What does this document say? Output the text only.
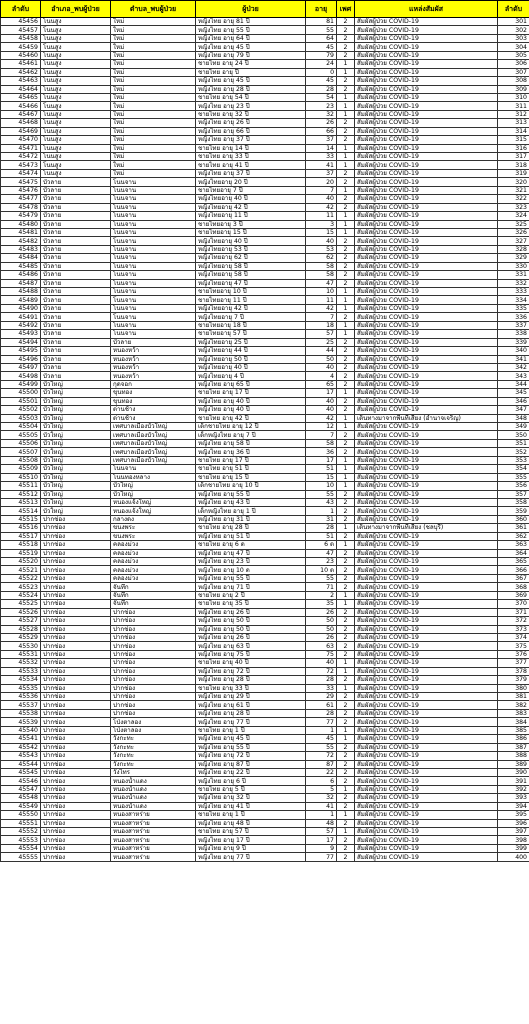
ลำดับ	อำเภอ_พบผู้ป่วย	ตำบล_พบผู้ป่วย	ผู้ป่วย	อายุ	เพศ	แหล่งสัมผัส	ลำดับ
45456	โนนสูง	ใหม่	หญิงไทย อายุ 81 ปี	81	2	สัมผัสผู้ป่วย COVID-19	301
45457	โนนสูง	ใหม่	หญิงไทย อายุ 55 ปี	55	2	สัมผัสผู้ป่วย COVID-19	302
45458	โนนสูง	ใหม่	หญิงไทย อายุ 64 ปี	64	2	สัมผัสผู้ป่วย COVID-19	303
45459	โนนสูง	ใหม่	หญิงไทย อายุ 45 ปี	45	2	สัมผัสผู้ป่วย COVID-19	304
45460	โนนสูง	ใหม่	หญิงไทย อายุ 79 ปี	79	2	สัมผัสผู้ป่วย COVID-19	305
45461	โนนสูง	ใหม่	ชายไทย อายุ 24 ปี	24	1	สัมผัสผู้ป่วย COVID-19	306
45462	โนนสูง	ใหม่	ชายไทย อายุ ปี	0	1	สัมผัสผู้ป่วย COVID-19	307
45463	โนนสูง	ใหม่	หญิงไทย อายุ 45 ปี	45	2	สัมผัสผู้ป่วย COVID-19	308
45464	โนนสูง	ใหม่	หญิงไทย อายุ 28 ปี	28	2	สัมผัสผู้ป่วย COVID-19	309
45465	โนนสูง	ใหม่	ชายไทย อายุ 54 ปี	54	1	สัมผัสผู้ป่วย COVID-19	310
45466	โนนสูง	ใหม่	หญิงไทย อายุ 23 ปี	23	1	สัมผัสผู้ป่วย COVID-19	311
45467	โนนสูง	ใหม่	ชายไทย อายุ 32 ปี	32	1	สัมผัสผู้ป่วย COVID-19	312
45468	โนนสูง	ใหม่	หญิงไทย อายุ 26 ปี	26	2	สัมผัสผู้ป่วย COVID-19	313
45469	โนนสูง	ใหม่	หญิงไทย อายุ 66 ปี	66	2	สัมผัสผู้ป่วย COVID-19	314
45470	โนนสูง	ใหม่	หญิงไทย อายุ 37 ปี	37	2	สัมผัสผู้ป่วย COVID-19	315
45471	โนนสูง	ใหม่	ชายไทย อายุ 14 ปี	14	1	สัมผัสผู้ป่วย COVID-19	316
45472	โนนสูง	ใหม่	ชายไทย อายุ 33 ปี	33	1	สัมผัสผู้ป่วย COVID-19	317
45473	โนนสูง	ใหม่	ชายไทย อายุ 41 ปี	41	1	สัมผัสผู้ป่วย COVID-19	318
45474	โนนสูง	ใหม่	หญิงไทย อายุ 37 ปี	37	2	สัมผัสผู้ป่วย COVID-19	319
45475	บัวลาย	โนนจาน	หญิงไทยอายุ 20 ปี	20	2	สัมผัสผู้ป่วย COVID-19	320
45476	บัวลาย	โนนจาน	ชายไทยอายุ 7 ปี	7	1	สัมผัสผู้ป่วย COVID-19	321
45477	บัวลาย	โนนจาน	หญิงไทยอายุ 40 ปี	40	2	สัมผัสผู้ป่วย COVID-19	322
45478	บัวลาย	โนนจาน	หญิงไทยอายุ 42 ปี	42	2	สัมผัสผู้ป่วย COVID-19	323
45479	บัวลาย	โนนจาน	หญิงไทยอายุ 11 ปี	11	1	สัมผัสผู้ป่วย COVID-19	324
45480	บัวลาย	โนนจาน	ชายไทยอายุ 3 ปี	3	1	สัมผัสผู้ป่วย COVID-19	325
45481	บัวลาย	โนนจาน	ชายไทยอายุ 15 ปี	15	1	สัมผัสผู้ป่วย COVID-19	326
45482	บัวลาย	โนนจาน	หญิงไทยอายุ 40 ปี	40	2	สัมผัสผู้ป่วย COVID-19	327
45483	บัวลาย	โนนจาน	หญิงไทยอายุ 53 ปี	53	2	สัมผัสผู้ป่วย COVID-19	328
45484	บัวลาย	โนนจาน	หญิงไทยอายุ 62 ปี	62	2	สัมผัสผู้ป่วย COVID-19	329
45485	บัวลาย	โนนจาน	หญิงไทยอายุ 58 ปี	58	2	สัมผัสผู้ป่วย COVID-19	330
45486	บัวลาย	โนนจาน	หญิงไทยอายุ 58 ปี	58	2	สัมผัสผู้ป่วย COVID-19	331
45487	บัวลาย	โนนจาน	หญิงไทยอายุ 47 ปี	47	2	สัมผัสผู้ป่วย COVID-19	332
45488	บัวลาย	โนนจาน	ชายไทยอายุ 10 ปี	10	1	สัมผัสผู้ป่วย COVID-19	333
45489	บัวลาย	โนนจาน	ชายไทยอายุ 11 ปี	11	1	สัมผัสผู้ป่วย COVID-19	334
45490	บัวลาย	โนนจาน	หญิงไทยอายุ 42 ปี	42	1	สัมผัสผู้ป่วย COVID-19	335
45491	บัวลาย	โนนจาน	หญิงไทยอายุ 7 ปี	7	2	สัมผัสผู้ป่วย COVID-19	336
45492	บัวลาย	โนนจาน	ชายไทยอายุ 18 ปี	18	1	สัมผัสผู้ป่วย COVID-19	337
45493	บัวลาย	โนนจาน	ชายไทยอายุ 57 ปี	57	1	สัมผัสผู้ป่วย COVID-19	338
45494	บัวลาย	บัวลาย	หญิงไทยอายุ 25 ปี	25	2	สัมผัสผู้ป่วย COVID-19	339
45495	บัวลาย	หนองหว้า	หญิงไทยอายุ 44 ปี	44	2	สัมผัสผู้ป่วย COVID-19	340
45496	บัวลาย	หนองหว้า	หญิงไทยอายุ 50 ปี	50	2	สัมผัสผู้ป่วย COVID-19	341
45497	บัวลาย	หนองหว้า	หญิงไทยอายุ 40 ปี	40	2	สัมผัสผู้ป่วย COVID-19	342
45498	บัวลาย	หนองหว้า	หญิงไทยอายุ 4 ปี	4	2	สัมผัสผู้ป่วย COVID-19	343
45499	บัวใหญ่	กุดจอก	หญิงไทย อายุ 65 ปี	65	2	สัมผัสผู้ป่วย COVID-19	344
45500	บัวใหญ่	ขุนทอง	ชายไทย อายุ 17 ปี	17	1	สัมผัสผู้ป่วย COVID-19	345
45501	บัวใหญ่	ขุนทอง	หญิงไทย อายุ 40 ปี	40	2	สัมผัสผู้ป่วย COVID-19	346
45502	บัวใหญ่	ด่านช้าง	หญิงไทย อายุ 40 ปี	40	2	สัมผัสผู้ป่วย COVID-19	347
45503	บัวใหญ่	ด่านช้าง	ชายไทย อายุ 42 ปี	42	1	เดินทางมาจากพื้นที่เสี่ยง (อำนาจเจริญ)	348
45504	บัวใหญ่	เทศบาลเมืองบัวใหญ่	เด็กชายไทย อายุ 12 ปี	12	1	สัมผัสผู้ป่วย COVID-19	349
45505	บัวใหญ่	เทศบาลเมืองบัวใหญ่	เด็กหญิงไทย อายุ 7 ปี	7	2	สัมผัสผู้ป่วย COVID-19	350
45506	บัวใหญ่	เทศบาลเมืองบัวใหญ่	หญิงไทย อายุ 58 ปี	58	2	สัมผัสผู้ป่วย COVID-19	351
45507	บัวใหญ่	เทศบาลเมืองบัวใหญ่	หญิงไทย อายุ 36 ปี	36	2	สัมผัสผู้ป่วย COVID-19	352
45508	บัวใหญ่	เทศบาลเมืองบัวใหญ่	ชายไทย อายุ 17 ปี	17	1	สัมผัสผู้ป่วย COVID-19	353
45509	บัวใหญ่	โนนจาน	ชายไทย อายุ 51 ปี	51	1	สัมผัสผู้ป่วย COVID-19	354
45510	บัวใหญ่	โนนทองหลาง	ชายไทย อายุ 15 ปี	15	1	สัมผัสผู้ป่วย COVID-19	355
45511	บัวใหญ่	บัวใหญ่	เด็กชายไทย อายุ 10 ปี	10	1	สัมผัสผู้ป่วย COVID-19	356
45512	บัวใหญ่	บัวใหญ่	หญิงไทย อายุ 55 ปี	55	2	สัมผัสผู้ป่วย COVID-19	357
45513	บัวใหญ่	หนองแจ้งใหญ่	หญิงไทย อายุ 43 ปี	43	2	สัมผัสผู้ป่วย COVID-19	358
45514	บัวใหญ่	หนองแจ้งใหญ่	เด็กหญิงไทย อายุ 1 ปี	1	2	สัมผัสผู้ป่วย COVID-19	359
45515	ปากช่อง	กลางดง	หญิงไทย อายุ 31 ปี	31	2	สัมผัสผู้ป่วย COVID-19	360
45516	ปากช่อง	ขนงพระ	ชายไทย อายุ 28 ปี	28	1	เดินทางมาจากพื้นที่เสี่ยง (ชลบุรี)	361
45517	ปากช่อง	ขนงพระ	หญิงไทย อายุ 51 ปี	51	2	สัมผัสผู้ป่วย COVID-19	362
45518	ปากช่อง	คลองม่วง	ชายไทย อายุ 6 ด	6 ด	1	สัมผัสผู้ป่วย COVID-19	363
45519	ปากช่อง	คลองม่วง	หญิงไทย อายุ 47 ปี	47	2	สัมผัสผู้ป่วย COVID-19	364
45520	ปากช่อง	คลองม่วง	หญิงไทย อายุ 23 ปี	23	2	สัมผัสผู้ป่วย COVID-19	365
45521	ปากช่อง	คลองม่วง	หญิงไทย อายุ 10 ด	10 ด	2	สัมผัสผู้ป่วย COVID-19	366
45522	ปากช่อง	คลองม่วง	หญิงไทย อายุ 55 ปี	55	2	สัมผัสผู้ป่วย COVID-19	367
45523	ปากช่อง	จันทึก	หญิงไทย อายุ 71 ปี	71	2	สัมผัสผู้ป่วย COVID-19	368
45524	ปากช่อง	จันทึก	ชายไทย อายุ 2 ปี	2	1	สัมผัสผู้ป่วย COVID-19	369
45525	ปากช่อง	จันทึก	ชายไทย อายุ 35 ปี	35	1	สัมผัสผู้ป่วย COVID-19	370
45526	ปากช่อง	ปากช่อง	หญิงไทย อายุ 26 ปี	26	2	สัมผัสผู้ป่วย COVID-19	371
45527	ปากช่อง	ปากช่อง	หญิงไทย อายุ 50 ปี	50	2	สัมผัสผู้ป่วย COVID-19	372
45528	ปากช่อง	ปากช่อง	หญิงไทย อายุ 50 ปี	50	2	สัมผัสผู้ป่วย COVID-19	373
45529	ปากช่อง	ปากช่อง	หญิงไทย อายุ 26 ปี	26	2	สัมผัสผู้ป่วย COVID-19	374
45530	ปากช่อง	ปากช่อง	หญิงไทย อายุ 63 ปี	63	2	สัมผัสผู้ป่วย COVID-19	375
45531	ปากช่อง	ปากช่อง	หญิงไทย อายุ 75 ปี	75	2	สัมผัสผู้ป่วย COVID-19	376
45532	ปากช่อง	ปากช่อง	ชายไทย อายุ 40 ปี	40	1	สัมผัสผู้ป่วย COVID-19	377
45533	ปากช่อง	ปากช่อง	หญิงไทย อายุ 72 ปี	72	1	สัมผัสผู้ป่วย COVID-19	378
45534	ปากช่อง	ปากช่อง	หญิงไทย อายุ 28 ปี	28	2	สัมผัสผู้ป่วย COVID-19	379
45535	ปากช่อง	ปากช่อง	ชายไทย อายุ 33 ปี	33	1	สัมผัสผู้ป่วย COVID-19	380
45536	ปากช่อง	ปากช่อง	หญิงไทย อายุ 29 ปี	29	2	สัมผัสผู้ป่วย COVID-19	381
45537	ปากช่อง	ปากช่อง	หญิงไทย อายุ 61 ปี	61	2	สัมผัสผู้ป่วย COVID-19	382
45538	ปากช่อง	ปากช่อง	หญิงไทย อายุ 28 ปี	28	2	สัมผัสผู้ป่วย COVID-19	383
45539	ปากช่อง	โป่งตาลอง	หญิงไทย อายุ 77 ปี	77	2	สัมผัสผู้ป่วย COVID-19	384
45540	ปากช่อง	โป่งตาลอง	ชายไทย อายุ 1 ปี	1	1	สัมผัสผู้ป่วย COVID-19	385
45541	ปากช่อง	วังกะทะ	หญิงไทย อายุ 45 ปี	45	1	สัมผัสผู้ป่วย COVID-19	386
45542	ปากช่อง	วังกะทะ	หญิงไทย อายุ 55 ปี	55	2	สัมผัสผู้ป่วย COVID-19	387
45543	ปากช่อง	วังกะทะ	หญิงไทย อายุ 72 ปี	72	2	สัมผัสผู้ป่วย COVID-19	388
45544	ปากช่อง	วังกะทะ	หญิงไทย อายุ 87 ปี	87	2	สัมผัสผู้ป่วย COVID-19	389
45545	ปากช่อง	วังไทร	หญิงไทย อายุ 22 ปี	22	2	สัมผัสผู้ป่วย COVID-19	390
45546	ปากช่อง	หนองน้ำแดง	หญิงไทย อายุ 6 ปี	6	2	สัมผัสผู้ป่วย COVID-19	391
45547	ปากช่อง	หนองน้ำแดง	ชายไทย อายุ 5 ปี	5	1	สัมผัสผู้ป่วย COVID-19	392
45548	ปากช่อง	หนองน้ำแดง	หญิงไทย อายุ 32 ปี	32	2	สัมผัสผู้ป่วย COVID-19	393
45549	ปากช่อง	หนองน้ำแดง	หญิงไทย อายุ 41 ปี	41	2	สัมผัสผู้ป่วย COVID-19	394
45550	ปากช่อง	หนองสาหร่าย	ชายไทย อายุ 1 ปี	1	1	สัมผัสผู้ป่วย COVID-19	395
45551	ปากช่อง	หนองสาหร่าย	หญิงไทย อายุ 48 ปี	48	2	สัมผัสผู้ป่วย COVID-19	396
45552	ปากช่อง	หนองสาหร่าย	ชายไทย อายุ 57 ปี	57	1	สัมผัสผู้ป่วย COVID-19	397
45553	ปากช่อง	หนองสาหร่าย	หญิงไทย อายุ 17 ปี	17	2	สัมผัสผู้ป่วย COVID-19	398
45554	ปากช่อง	หนองสาหร่าย	หญิงไทย อายุ 9 ปี	9	2	สัมผัสผู้ป่วย COVID-19	399
45555	ปากช่อง	หนองสาหร่าย	หญิงไทย อายุ 77 ปี	77	2	สัมผัสผู้ป่วย COVID-19	400
